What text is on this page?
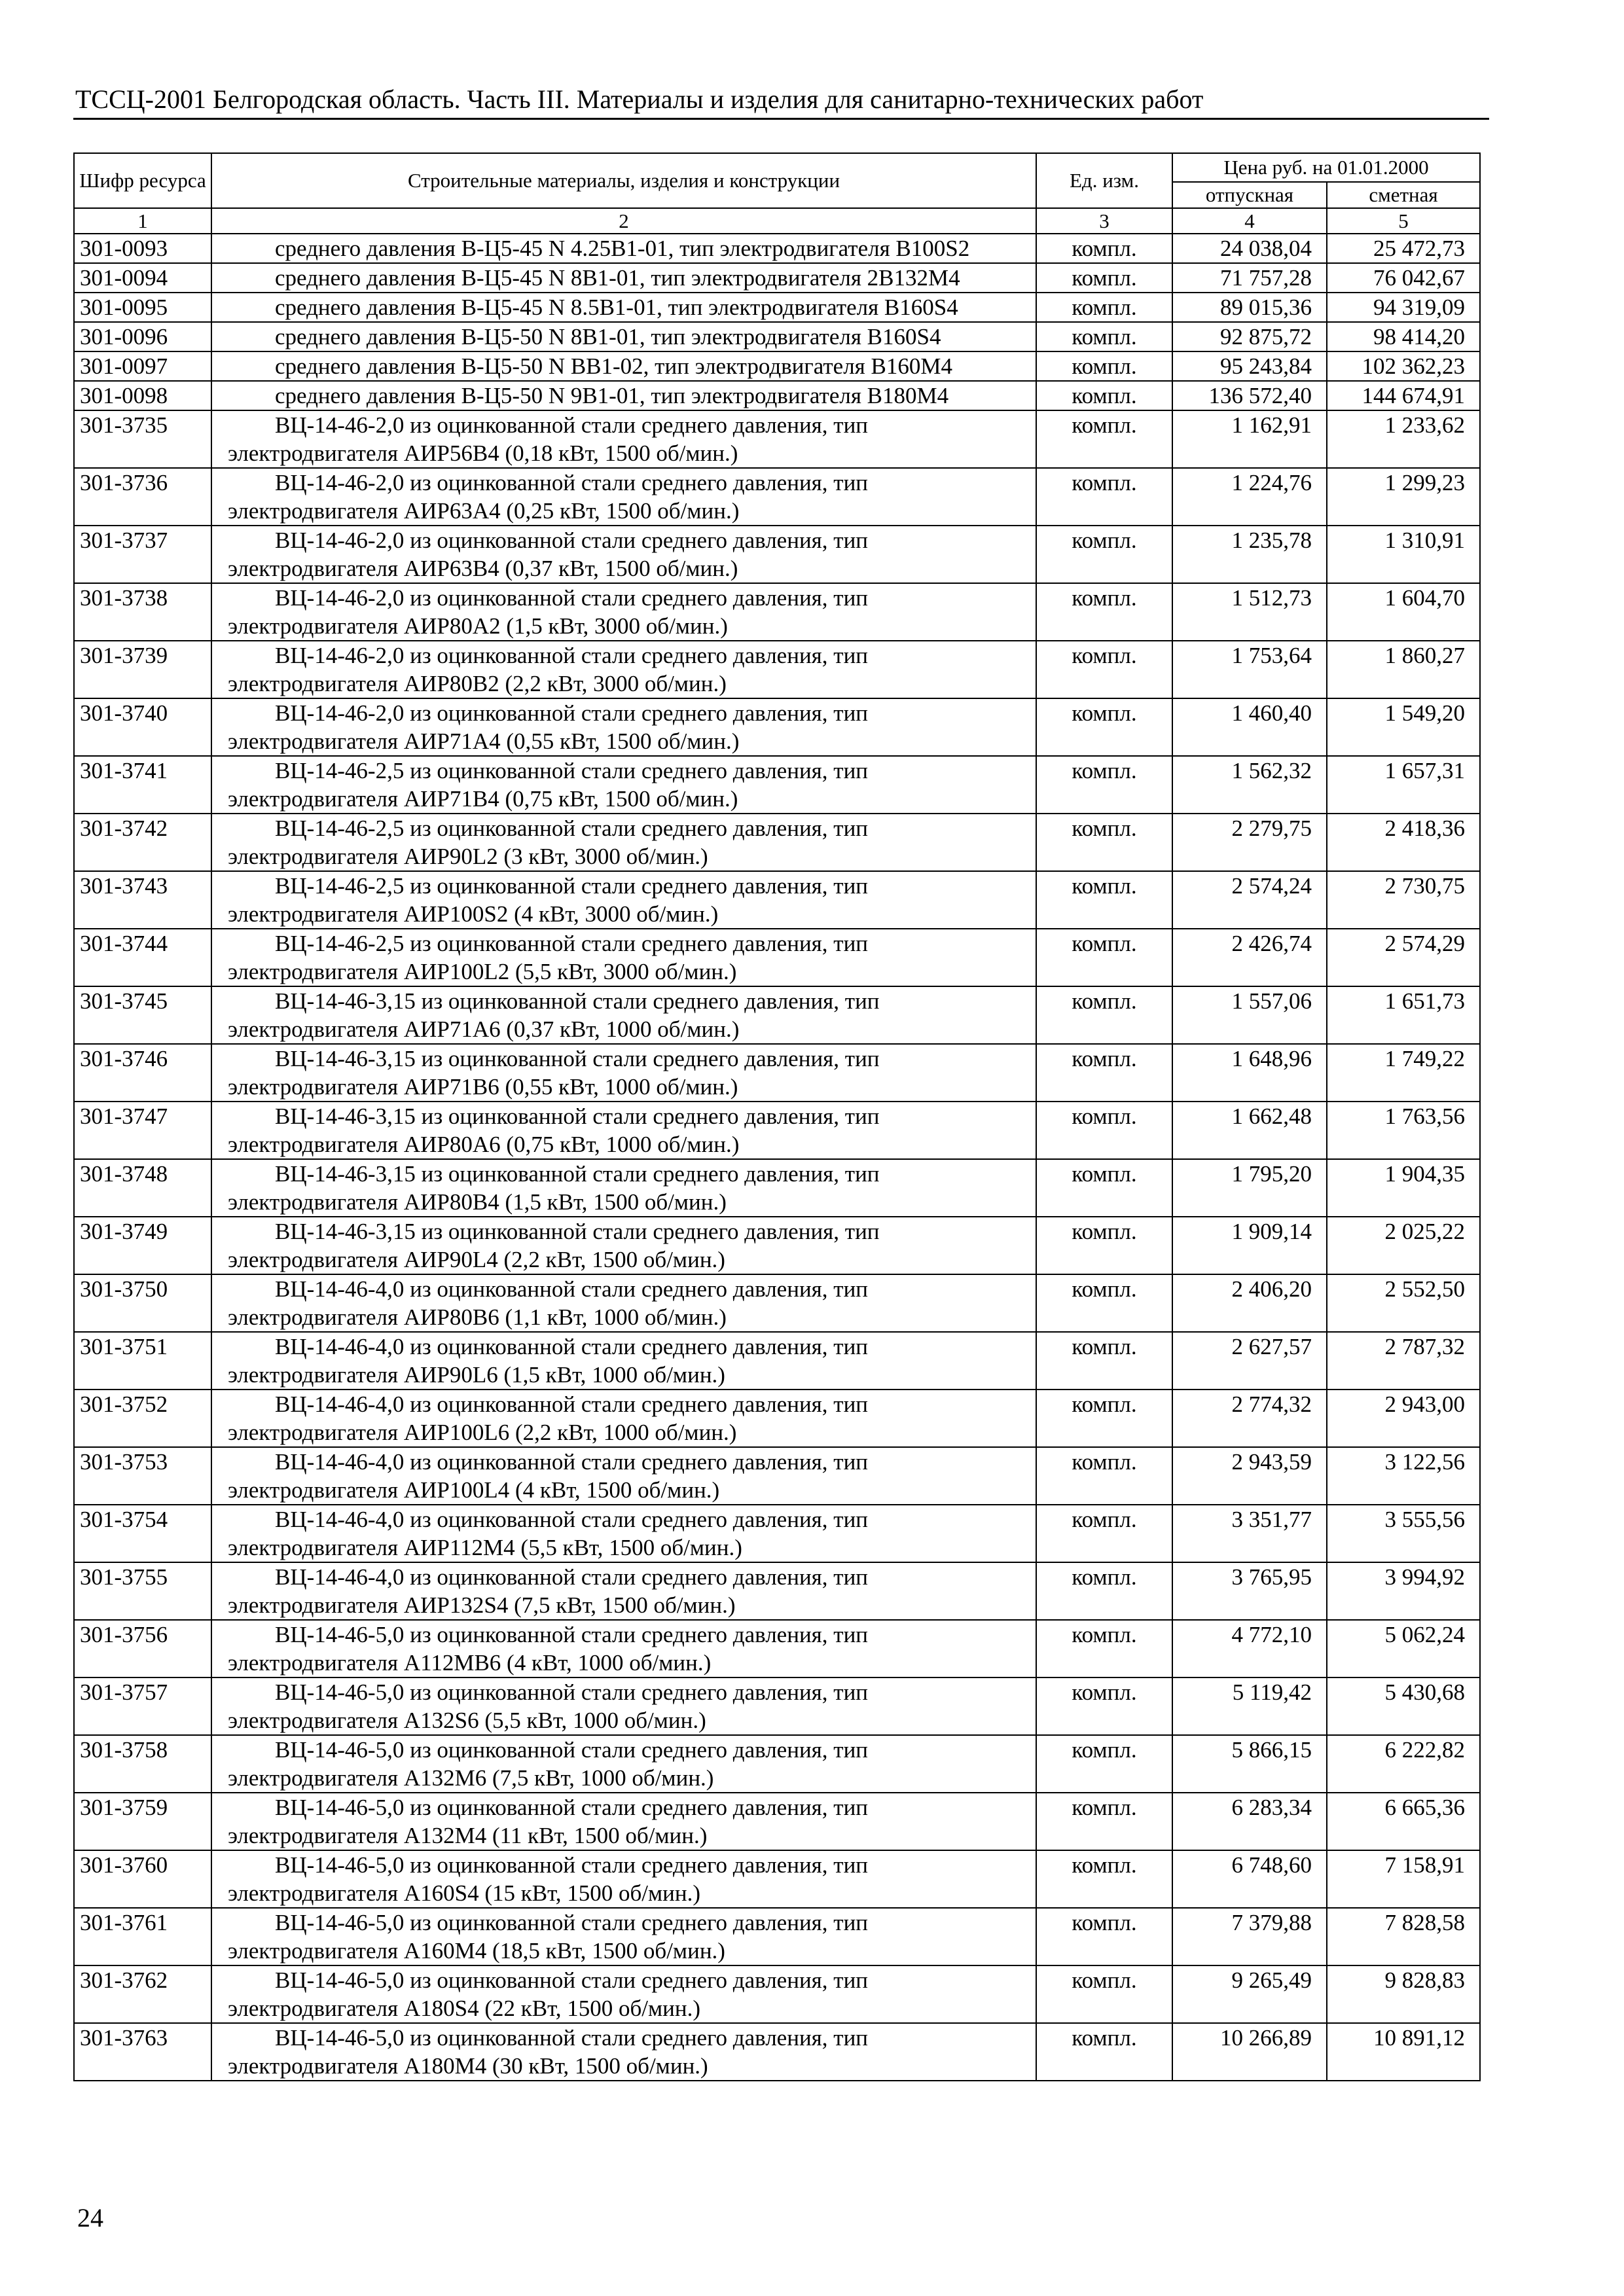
ТССЦ-2001 Белгородская область. Часть III. Материалы и изделия для санитарно-технических работ
Шифр ресурса	Строительные материалы, изделия и конструкции	Ед. изм.	Цена руб. на 01.01.2000	
			отпускная	сметная
1	2	3	4	5
301-0093	среднего давления В-Ц5-45 N 4.25В1-01, тип электродвигателя В100S2	компл.	24 038,04	25 472,73
301-0094	среднего давления В-Ц5-45 N 8В1-01, тип электродвигателя 2В132М4	компл.	71 757,28	76 042,67
301-0095	среднего давления В-Ц5-45 N 8.5В1-01, тип электродвигателя В160S4	компл.	89 015,36	94 319,09
301-0096	среднего давления В-Ц5-50 N 8В1-01, тип электродвигателя В160S4	компл.	92 875,72	98 414,20
301-0097	среднего давления В-Ц5-50 N ВВ1-02, тип электродвигателя В160М4	компл.	95 243,84	102 362,23
301-0098	среднего давления В-Ц5-50 N 9В1-01, тип электродвигателя В180М4	компл.	136 572,40	144 674,91
301-3735	ВЦ-14-46-2,0 из оцинкованной стали среднего давления, тип электродвигателя АИР56В4 (0,18 кВт, 1500 об/мин.)	компл.	1 162,91	1 233,62
301-3736	ВЦ-14-46-2,0 из оцинкованной стали среднего давления, тип электродвигателя АИР63А4 (0,25 кВт, 1500 об/мин.)	компл.	1 224,76	1 299,23
301-3737	ВЦ-14-46-2,0 из оцинкованной стали среднего давления, тип электродвигателя АИР63В4 (0,37 кВт, 1500 об/мин.)	компл.	1 235,78	1 310,91
301-3738	ВЦ-14-46-2,0 из оцинкованной стали среднего давления, тип электродвигателя АИР80А2 (1,5 кВт, 3000 об/мин.)	компл.	1 512,73	1 604,70
301-3739	ВЦ-14-46-2,0 из оцинкованной стали среднего давления, тип электродвигателя АИР80В2 (2,2 кВт, 3000 об/мин.)	компл.	1 753,64	1 860,27
301-3740	ВЦ-14-46-2,0 из оцинкованной стали среднего давления, тип электродвигателя АИР71А4 (0,55 кВт, 1500 об/мин.)	компл.	1 460,40	1 549,20
301-3741	ВЦ-14-46-2,5 из оцинкованной стали среднего давления, тип электродвигателя АИР71В4 (0,75 кВт, 1500 об/мин.)	компл.	1 562,32	1 657,31
301-3742	ВЦ-14-46-2,5 из оцинкованной стали среднего давления, тип электродвигателя АИР90L2 (3 кВт, 3000 об/мин.)	компл.	2 279,75	2 418,36
301-3743	ВЦ-14-46-2,5 из оцинкованной стали среднего давления, тип электродвигателя АИР100S2 (4 кВт, 3000 об/мин.)	компл.	2 574,24	2 730,75
301-3744	ВЦ-14-46-2,5 из оцинкованной стали среднего давления, тип электродвигателя АИР100L2 (5,5 кВт, 3000 об/мин.)	компл.	2 426,74	2 574,29
301-3745	ВЦ-14-46-3,15 из оцинкованной стали среднего давления, тип электродвигателя АИР71А6 (0,37 кВт, 1000 об/мин.)	компл.	1 557,06	1 651,73
301-3746	ВЦ-14-46-3,15 из оцинкованной стали среднего давления, тип электродвигателя АИР71В6 (0,55 кВт, 1000 об/мин.)	компл.	1 648,96	1 749,22
301-3747	ВЦ-14-46-3,15 из оцинкованной стали среднего давления, тип электродвигателя АИР80А6 (0,75 кВт, 1000 об/мин.)	компл.	1 662,48	1 763,56
301-3748	ВЦ-14-46-3,15 из оцинкованной стали среднего давления, тип электродвигателя АИР80В4 (1,5 кВт, 1500 об/мин.)	компл.	1 795,20	1 904,35
301-3749	ВЦ-14-46-3,15 из оцинкованной стали среднего давления, тип электродвигателя АИР90L4 (2,2 кВт, 1500 об/мин.)	компл.	1 909,14	2 025,22
301-3750	ВЦ-14-46-4,0 из оцинкованной стали среднего давления, тип электродвигателя АИР80В6 (1,1 кВт, 1000 об/мин.)	компл.	2 406,20	2 552,50
301-3751	ВЦ-14-46-4,0 из оцинкованной стали среднего давления, тип электродвигателя АИР90L6 (1,5 кВт, 1000 об/мин.)	компл.	2 627,57	2 787,32
301-3752	ВЦ-14-46-4,0 из оцинкованной стали среднего давления, тип электродвигателя АИР100L6 (2,2 кВт, 1000 об/мин.)	компл.	2 774,32	2 943,00
301-3753	ВЦ-14-46-4,0 из оцинкованной стали среднего давления, тип электродвигателя АИР100L4 (4 кВт, 1500 об/мин.)	компл.	2 943,59	3 122,56
301-3754	ВЦ-14-46-4,0 из оцинкованной стали среднего давления, тип электродвигателя АИР112М4 (5,5 кВт, 1500 об/мин.)	компл.	3 351,77	3 555,56
301-3755	ВЦ-14-46-4,0 из оцинкованной стали среднего давления, тип электродвигателя АИР132S4 (7,5 кВт, 1500 об/мин.)	компл.	3 765,95	3 994,92
301-3756	ВЦ-14-46-5,0 из оцинкованной стали среднего давления, тип электродвигателя А112МВ6 (4 кВт, 1000 об/мин.)	компл.	4 772,10	5 062,24
301-3757	ВЦ-14-46-5,0 из оцинкованной стали среднего давления, тип электродвигателя А132S6 (5,5 кВт, 1000 об/мин.)	компл.	5 119,42	5 430,68
301-3758	ВЦ-14-46-5,0 из оцинкованной стали среднего давления, тип электродвигателя А132М6 (7,5 кВт, 1000 об/мин.)	компл.	5 866,15	6 222,82
301-3759	ВЦ-14-46-5,0 из оцинкованной стали среднего давления, тип электродвигателя А132М4 (11 кВт, 1500 об/мин.)	компл.	6 283,34	6 665,36
301-3760	ВЦ-14-46-5,0 из оцинкованной стали среднего давления, тип электродвигателя А160S4 (15 кВт, 1500 об/мин.)	компл.	6 748,60	7 158,91
301-3761	ВЦ-14-46-5,0 из оцинкованной стали среднего давления, тип электродвигателя А160М4 (18,5 кВт, 1500 об/мин.)	компл.	7 379,88	7 828,58
301-3762	ВЦ-14-46-5,0 из оцинкованной стали среднего давления, тип электродвигателя А180S4 (22 кВт, 1500 об/мин.)	компл.	9 265,49	9 828,83
301-3763	ВЦ-14-46-5,0 из оцинкованной стали среднего давления, тип электродвигателя А180М4 (30 кВт, 1500 об/мин.)	компл.	10 266,89	10 891,12
24
